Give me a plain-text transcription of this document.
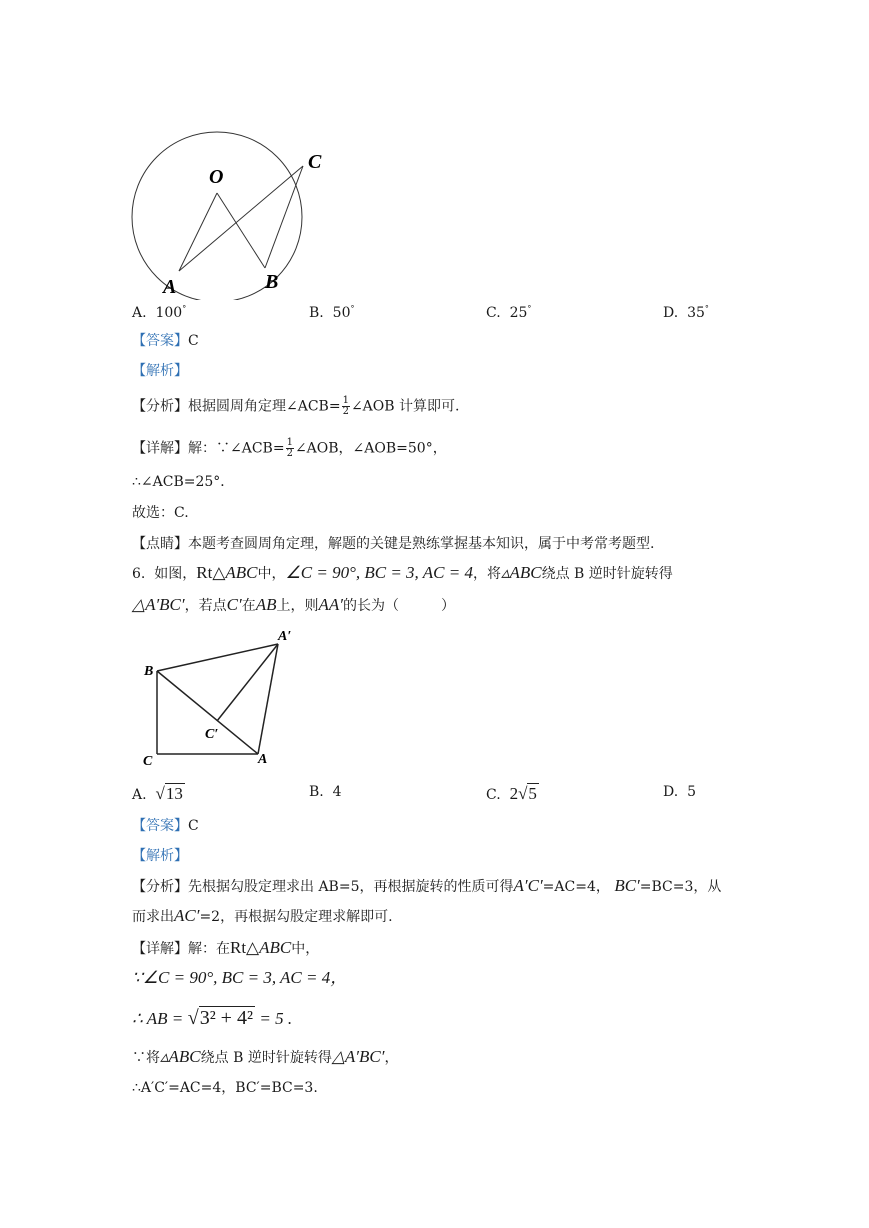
O
C
A	B
A. 100°	B. 50°	C. 25°	D. 35°
【答案】C
【解析】
【分析】根据圆周角定理∠ACB= $\frac{1}{2}$ ∠AOB 计算即可.
【详解】解：∵∠ACB= $\frac{1}{2}$ ∠AOB，∠AOB=50°，
∴∠ACB=25°．
故选：C.
【点睛】本题考查圆周角定理，解题的关键是熟练掌握基本知识，属于中考常考题型.
6. 如图，Rt△ABC中，∠C = 90°, BC = 3, AC = 4，将▵ABC绕点 B 逆时针旋转得
△A′BC′，若点C′在AB上，则AA′的长为（　　　）
A′
B
C′
C	A
A. √13	B. 4	C. 2√5	D. 5
【答案】C
【解析】
【分析】先根据勾股定理求出 AB=5，再根据旋转的性质可得A′C′=AC=4， BC′=BC=3，从
而求出AC′=2，再根据勾股定理求解即可.
【详解】解：在Rt△ABC中，
∵∠C = 90°, BC = 3, AC = 4，
∴ AB = √3² + 4² = 5 .
∵将▵ABC绕点 B 逆时针旋转得△A′BC′，
∴A′C′=AC=4，BC′=BC=3.
